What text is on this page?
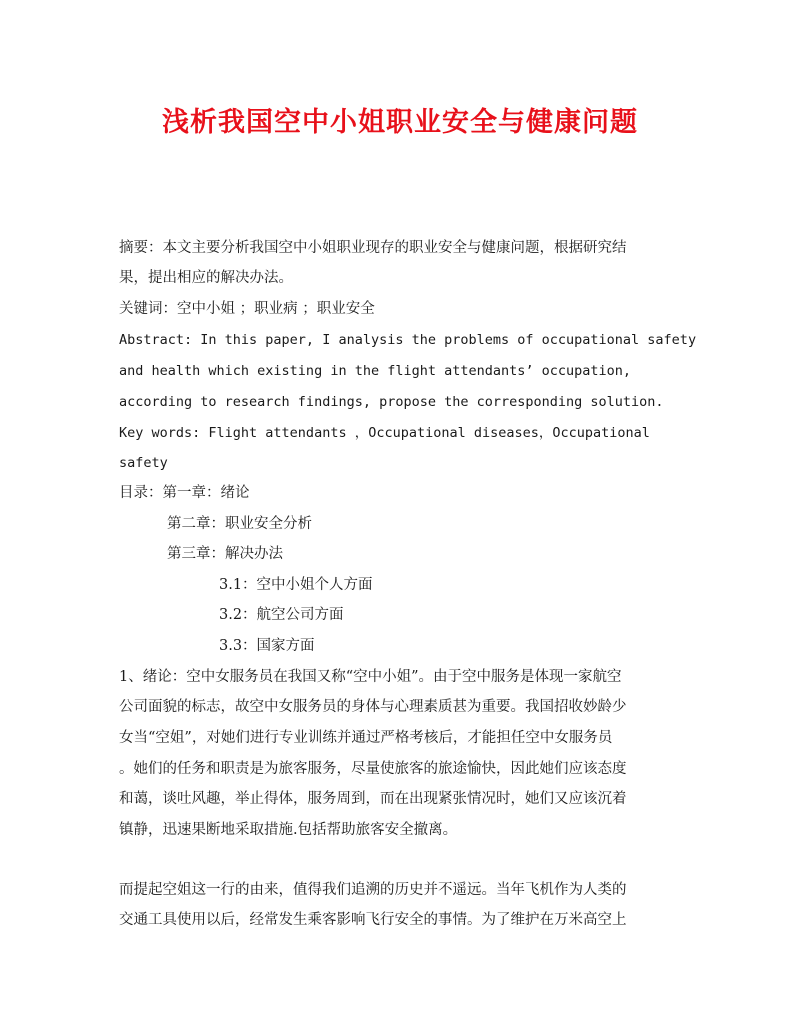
浅析我国空中小姐职业安全与健康问题
摘要：本文主要分析我国空中小姐职业现存的职业安全与健康问题，根据研究结
果，提出相应的解决办法。
关键词：空中小姐 ；职业病 ；职业安全
Abstract: In this paper, I analysis the problems of occupational safety
and health which existing in the flight attendants’ occupation,
according to research findings, propose the corresponding solution.
Key words: Flight attendants ，Occupational diseases，Occupational
safety
目录：第一章：绪论
第二章：职业安全分析
第三章：解决办法
3.1：空中小姐个人方面
3.2：航空公司方面
3.3：国家方面
1、绪论：空中女服务员在我国又称“空中小姐”。由于空中服务是体现一家航空
公司面貌的标志，故空中女服务员的身体与心理素质甚为重要。我国招收妙龄少
女当“空姐”，对她们进行专业训练并通过严格考核后，才能担任空中女服务员
。她们的任务和职责是为旅客服务，尽量使旅客的旅途愉快，因此她们应该态度
和蔼，谈吐风趣，举止得体，服务周到，而在出现紧张情况时，她们又应该沉着
镇静，迅速果断地采取措施.包括帮助旅客安全撤离。
而提起空姐这一行的由来，值得我们追溯的历史并不遥远。当年飞机作为人类的
交通工具使用以后，经常发生乘客影响飞行安全的事情。为了维护在万米高空上
